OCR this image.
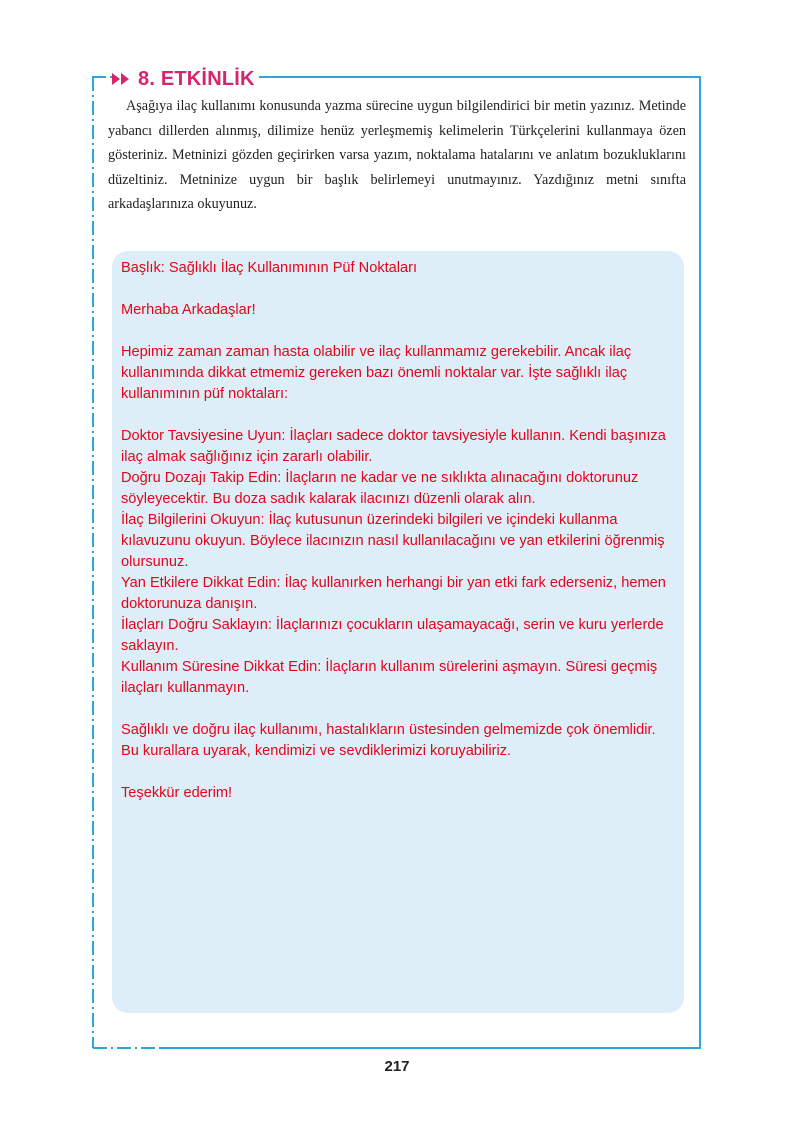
8. ETKİNLİK

Aşağıya ilaç kullanımı konusunda yazma sürecine uygun bilgilendirici bir metin yazınız. Metinde yabancı dillerden alınmış, dilimize henüz yerleşmemiş kelimelerin Türkçelerini kullanmaya özen gösteriniz. Metninizi gözden geçirirken varsa yazım, noktalama hatalarını ve anlatım bozukluklarını düzeltiniz. Metninize uygun bir başlık belirlemeyi unutmayınız. Yazdığınız metni sınıfta arkadaşlarınıza okuyunuz.

Başlık: Sağlıklı İlaç Kullanımının Püf Noktaları

Merhaba Arkadaşlar!

Hepimiz zaman zaman hasta olabilir ve ilaç kullanmamız gerekebilir. Ancak ilaç kullanımında dikkat etmemiz gereken bazı önemli noktalar var. İşte sağlıklı ilaç kullanımının püf noktaları:

Doktor Tavsiyesine Uyun: İlaçları sadece doktor tavsiyesiyle kullanın. Kendi başınıza ilaç almak sağlığınız için zararlı olabilir.

Doğru Dozajı Takip Edin: İlaçların ne kadar ve ne sıklıkta alınacağını doktorunuz söyleyecektir. Bu doza sadık kalarak ilacınızı düzenli olarak alın.

İlaç Bilgilerini Okuyun: İlaç kutusunun üzerindeki bilgileri ve içindeki kullanma kılavuzunu okuyun. Böylece ilacınızın nasıl kullanılacağını ve yan etkilerini öğrenmiş olursunuz.

Yan Etkilere Dikkat Edin: İlaç kullanırken herhangi bir yan etki fark ederseniz, hemen doktorunuza danışın.

İlaçları Doğru Saklayın: İlaçlarınızı çocukların ulaşamayacağı, serin ve kuru yerlerde saklayın.

Kullanım Süresine Dikkat Edin: İlaçların kullanım sürelerini aşmayın. Süresi geçmiş ilaçları kullanmayın.

Sağlıklı ve doğru ilaç kullanımı, hastalıkların üstesinden gelmemizde çok önemlidir. Bu kurallara uyarak, kendimizi ve sevdiklerimizi koruyabiliriz.

Teşekkür ederim!

217
